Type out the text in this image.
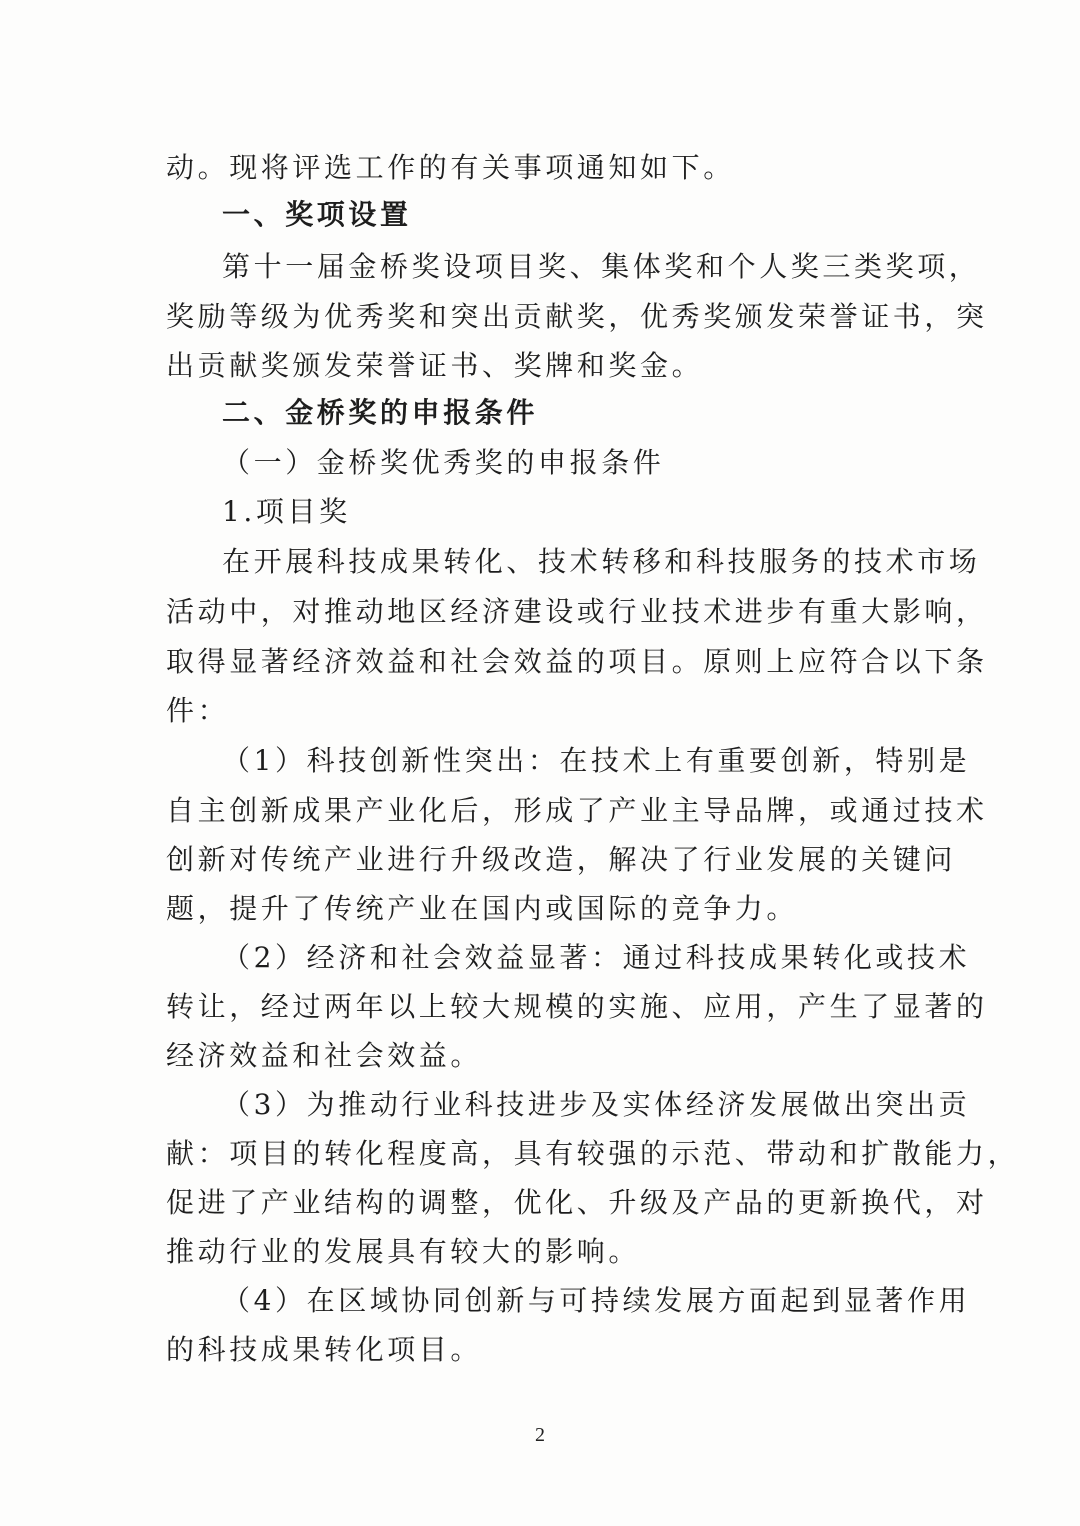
动。现将评选工作的有关事项通知如下。
一、奖项设置
第十一届金桥奖设项目奖、集体奖和个人奖三类奖项，
奖励等级为优秀奖和突出贡献奖，优秀奖颁发荣誉证书，突
出贡献奖颁发荣誉证书、奖牌和奖金。
二、金桥奖的申报条件
（一）金桥奖优秀奖的申报条件
1.项目奖
在开展科技成果转化、技术转移和科技服务的技术市场
活动中，对推动地区经济建设或行业技术进步有重大影响，
取得显著经济效益和社会效益的项目。原则上应符合以下条
件：
（1）科技创新性突出：在技术上有重要创新，特别是
自主创新成果产业化后，形成了产业主导品牌，或通过技术
创新对传统产业进行升级改造，解决了行业发展的关键问
题，提升了传统产业在国内或国际的竞争力。
（2）经济和社会效益显著：通过科技成果转化或技术
转让，经过两年以上较大规模的实施、应用，产生了显著的
经济效益和社会效益。
（3）为推动行业科技进步及实体经济发展做出突出贡
献：项目的转化程度高，具有较强的示范、带动和扩散能力，
促进了产业结构的调整，优化、升级及产品的更新换代，对
推动行业的发展具有较大的影响。
（4）在区域协同创新与可持续发展方面起到显著作用
的科技成果转化项目。
2
